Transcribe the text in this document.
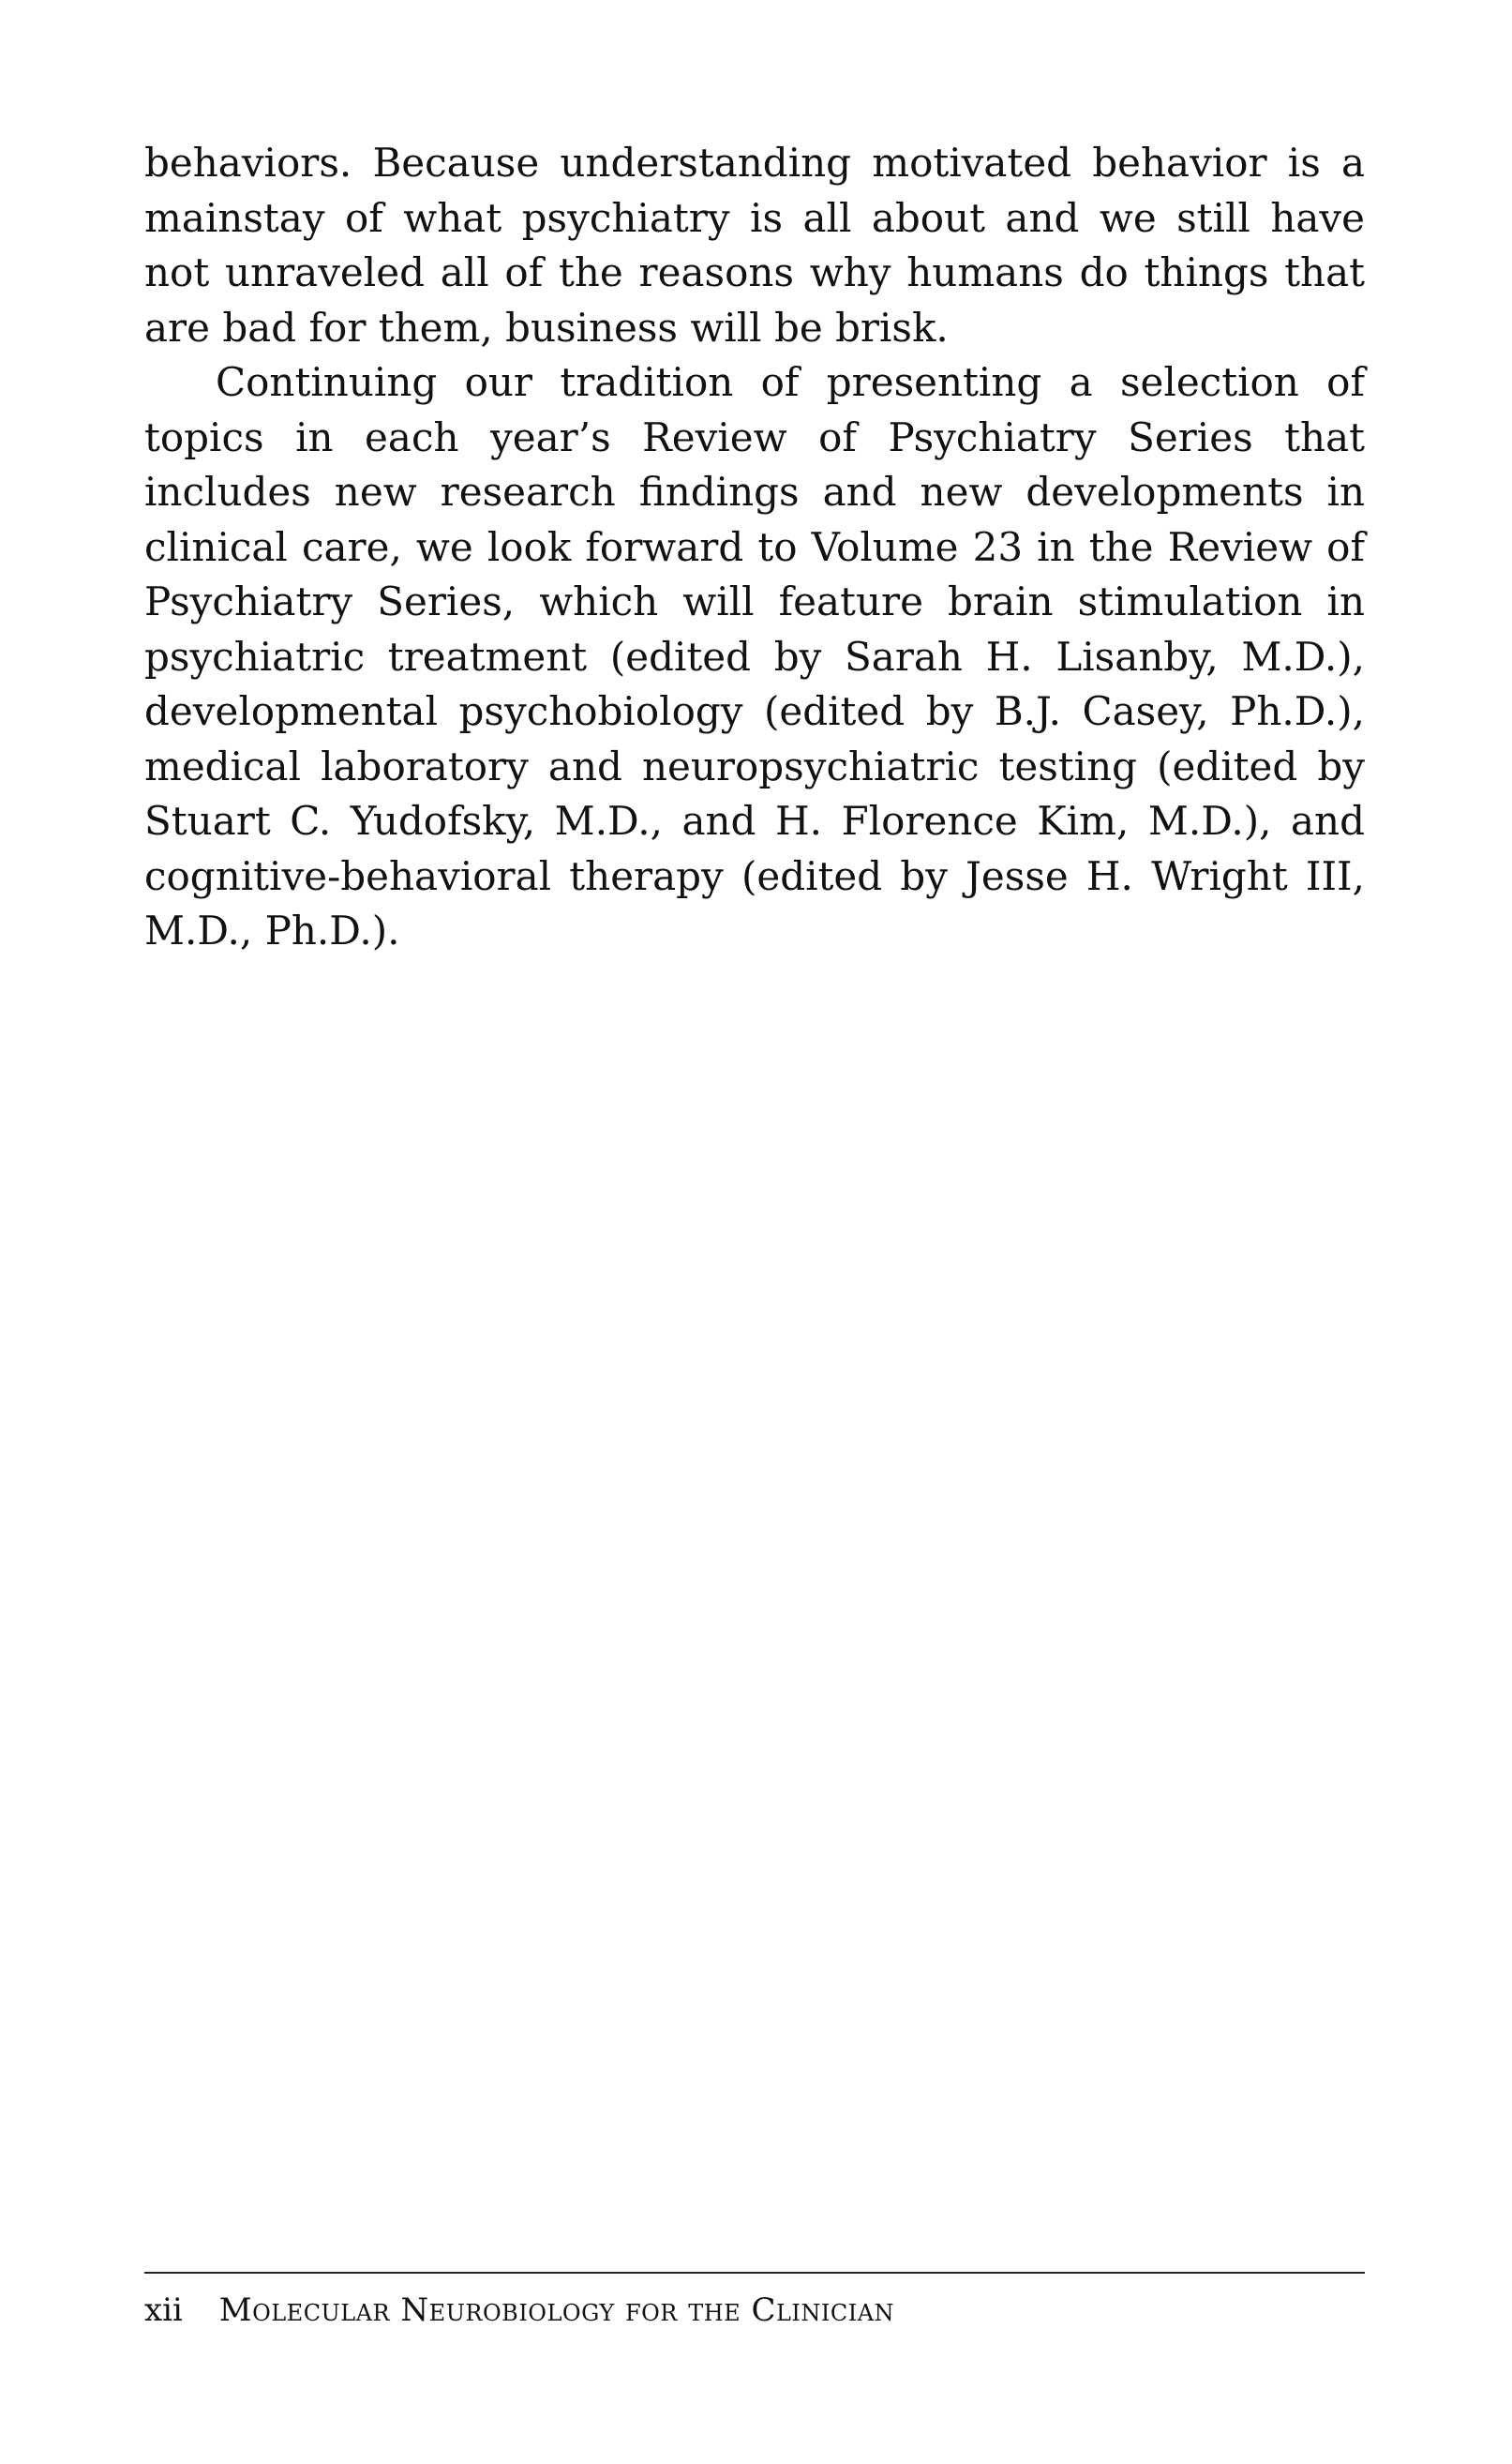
behaviors. Because understanding motivated behavior is a mainstay of what psychiatry is all about and we still have not unraveled all of the reasons why humans do things that are bad for them, business will be brisk.

Continuing our tradition of presenting a selection of topics in each year’s Review of Psychiatry Series that includes new research findings and new developments in clinical care, we look forward to Volume 23 in the Review of Psychiatry Series, which will feature brain stimulation in psychiatric treatment (edited by Sarah H. Lisanby, M.D.), developmental psychobiology (edited by B.J. Casey, Ph.D.), medical laboratory and neuropsychiatric testing (edited by Stuart C. Yudofsky, M.D., and H. Florence Kim, M.D.), and cognitive-behavioral therapy (edited by Jesse H. Wright III, M.D., Ph.D.).

xii Molecular Neurobiology for the Clinician
